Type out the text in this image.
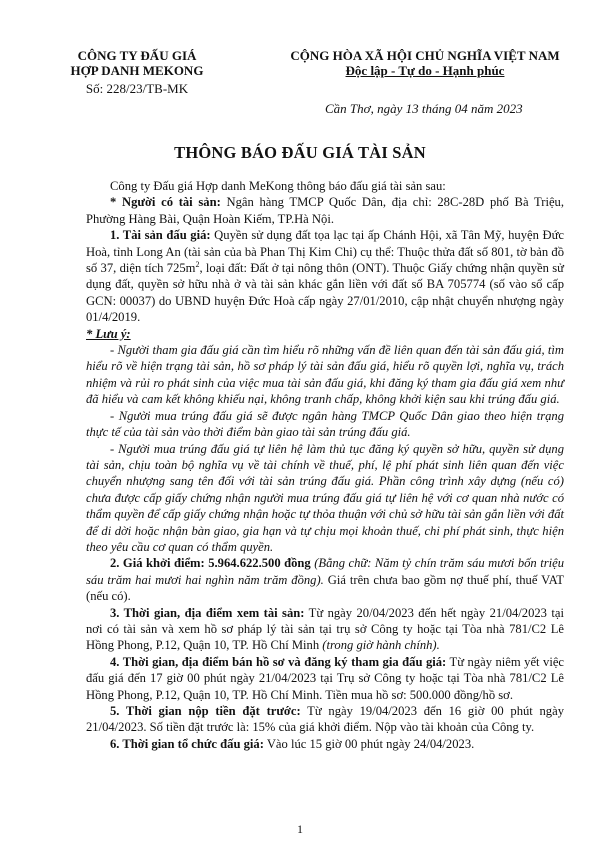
CÔNG TY ĐẤU GIÁ
HỢP DANH MEKONG
Số: 228/23/TB-MK
CỘNG HÒA XÃ HỘI CHỦ NGHĨA VIỆT NAM
Độc lập - Tự do - Hạnh phúc
Cần Thơ, ngày 13 tháng 04 năm 2023
THÔNG BÁO ĐẤU GIÁ TÀI SẢN

Công ty Đấu giá Hợp danh MeKong thông báo đấu giá tài sản sau:

* Người có tài sản: Ngân hàng TMCP Quốc Dân, địa chỉ: 28C-28D phố Bà Triệu, Phường Hàng Bài, Quận Hoàn Kiếm, TP.Hà Nội.

1. Tài sản đấu giá: Quyền sử dụng đất tọa lạc tại ấp Chánh Hội, xã Tân Mỹ, huyện Đức Hoà, tỉnh Long An (tài sản của bà Phan Thị Kim Chi) cụ thể: Thuộc thửa đất số 801, tờ bản đồ số 37, diện tích $725m^2$, loại đất: Đất ở tại nông thôn (ONT). Thuộc Giấy chứng nhận quyền sử dụng đất, quyền sở hữu nhà ở và tài sản khác gắn liền với đất số BA 705774 (số vào sổ cấp GCN: 00037) do UBND huyện Đức Hoà cấp ngày 27/01/2010, cập nhật chuyển nhượng ngày 01/4/2019.

* Lưu ý:

- Người tham gia đấu giá cần tìm hiểu rõ những vấn đề liên quan đến tài sản đấu giá, tìm hiểu rõ về hiện trạng tài sản, hồ sơ pháp lý tài sản đấu giá, hiểu rõ quyền lợi, nghĩa vụ, trách nhiệm và rủi ro phát sinh của việc mua tài sản đấu giá, khi đăng ký tham gia đấu giá xem như đã hiểu và cam kết không khiếu nại, không tranh chấp, không khởi kiện sau khi trúng đấu giá.

- Người mua trúng đấu giá sẽ được ngân hàng TMCP Quốc Dân giao theo hiện trạng thực tế của tài sản vào thời điểm bàn giao tài sản trúng đấu giá.

- Người mua trúng đấu giá tự liên hệ làm thủ tục đăng ký quyền sở hữu, quyền sử dụng tài sản, chịu toàn bộ nghĩa vụ về tài chính về thuế, phí, lệ phí phát sinh liên quan đến việc chuyển nhượng sang tên đối với tài sản trúng đấu giá. Phần công trình xây dựng (nếu có) chưa được cấp giấy chứng nhận người mua trúng đấu giá tự liên hệ với cơ quan nhà nước có thẩm quyền để cấp giấy chứng nhận hoặc tự thỏa thuận với chủ sở hữu tài sản gắn liền với đất để di dời hoặc nhận bàn giao, gia hạn và tự chịu mọi khoản thuế, chi phí phát sinh, thực hiện theo yêu cầu cơ quan có thẩm quyền.

2. Giá khởi điểm: 5.964.622.500 đồng (Bằng chữ: Năm tỷ chín trăm sáu mươi bốn triệu sáu trăm hai mươi hai nghìn năm trăm đồng). Giá trên chưa bao gồm nợ thuế phí, thuế VAT (nếu có).

3. Thời gian, địa điểm xem tài sản: Từ ngày 20/04/2023 đến hết ngày 21/04/2023 tại nơi có tài sản và xem hồ sơ pháp lý tài sản tại trụ sở Công ty hoặc tại Tòa nhà 781/C2 Lê Hồng Phong, P.12, Quận 10, TP. Hồ Chí Minh (trong giờ hành chính).

4. Thời gian, địa điểm bán hồ sơ và đăng ký tham gia đấu giá: Từ ngày niêm yết việc đấu giá đến 17 giờ 00 phút ngày 21/04/2023 tại Trụ sở Công ty hoặc tại Tòa nhà 781/C2 Lê Hồng Phong, P.12, Quận 10, TP. Hồ Chí Minh. Tiền mua hồ sơ: 500.000 đồng/hồ sơ.

5. Thời gian nộp tiền đặt trước: Từ ngày 19/04/2023 đến 16 giờ 00 phút ngày 21/04/2023. Số tiền đặt trước là: 15% của giá khởi điểm. Nộp vào tài khoản của Công ty.

6. Thời gian tổ chức đấu giá: Vào lúc 15 giờ 00 phút ngày 24/04/2023.

1
